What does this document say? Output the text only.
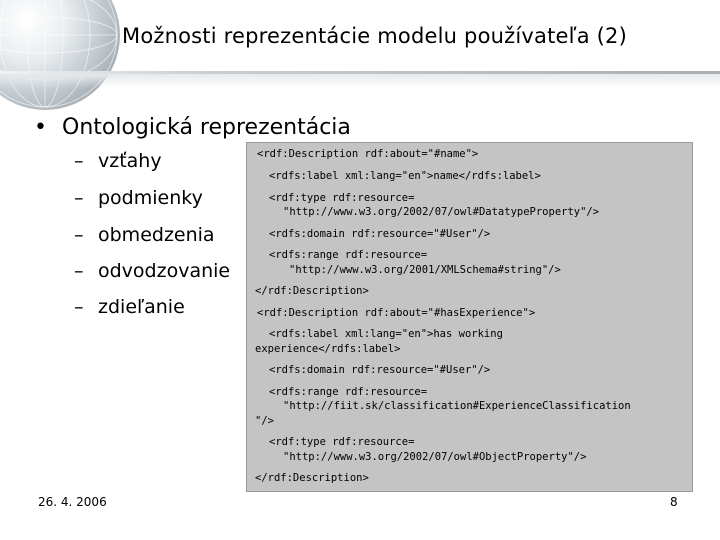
Možnosti reprezentácie modelu používateľa (2)
• Ontologická reprezentácia
– vzťahy
– podmienky
– obmedzenia
– odvodzovanie
– zdieľanie
<rdf:Description rdf:about="#name">
<rdfs:label xml:lang="en">name</rdfs:label>
<rdf:type rdf:resource=
"http://www.w3.org/2002/07/owl#DatatypeProperty"/>
<rdfs:domain rdf:resource="#User"/>
<rdfs:range rdf:resource=
"http://www.w3.org/2001/XMLSchema#string"/>
</rdf:Description>
<rdf:Description rdf:about="#hasExperience">
<rdfs:label xml:lang="en">has working
experience</rdfs:label>
<rdfs:domain rdf:resource="#User"/>
<rdfs:range rdf:resource=
"http://fiit.sk/classification#ExperienceClassification
"/>
<rdf:type rdf:resource=
"http://www.w3.org/2002/07/owl#ObjectProperty"/>
</rdf:Description>
26. 4. 2006	8
